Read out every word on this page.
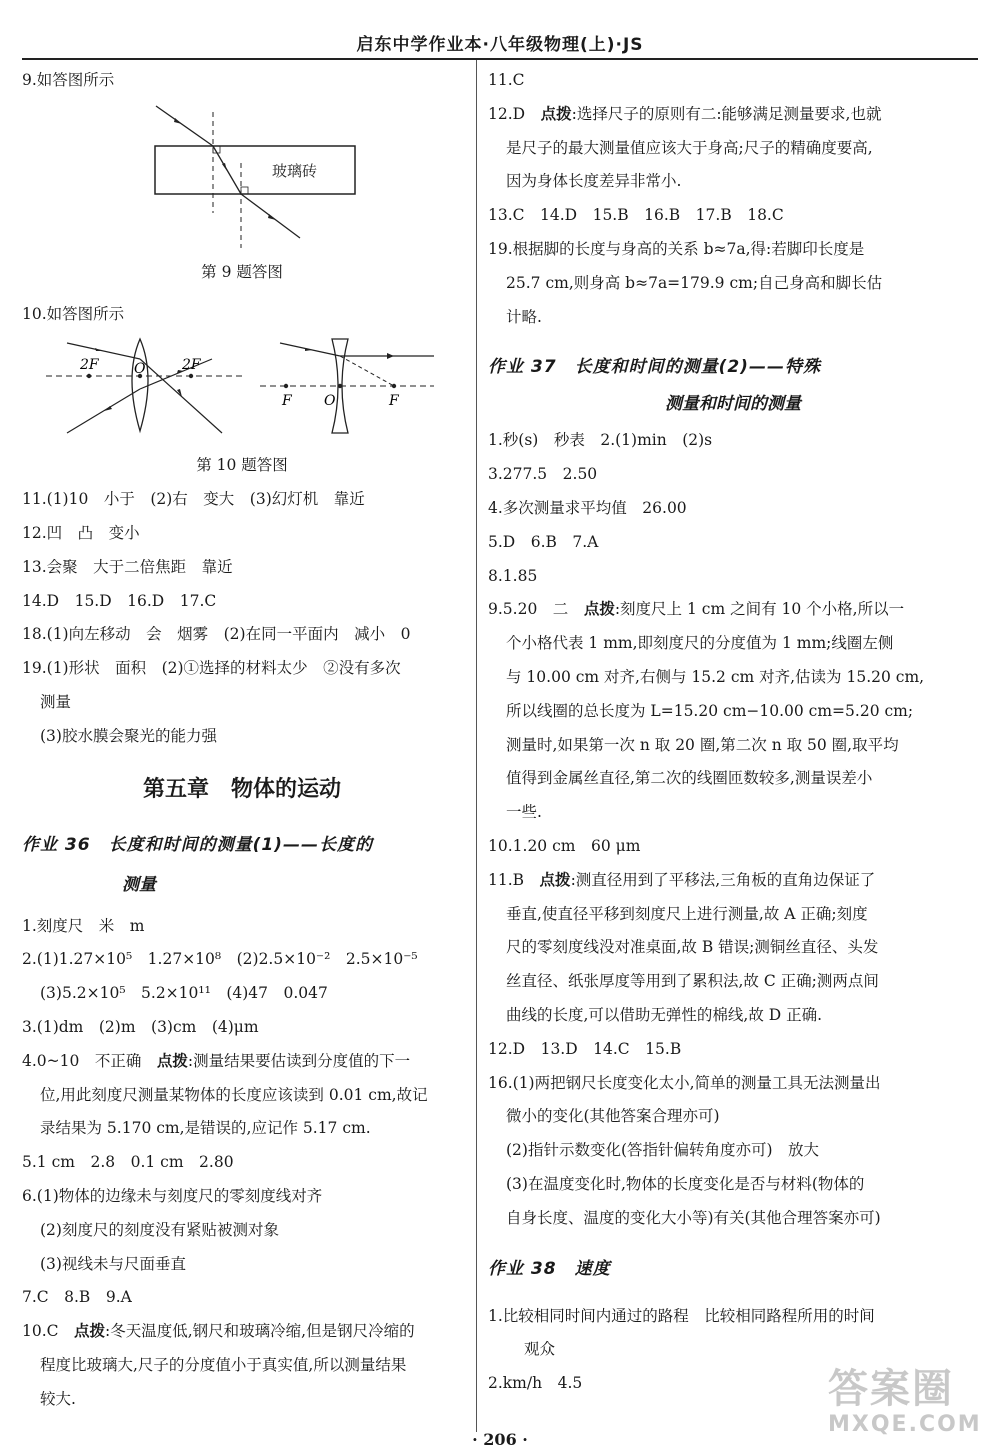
启东中学作业本·八年级物理(上)·JS
9.如答图所示
玻璃砖
第 9 题答图
10.如答图所示
2F	O	2F
F O	F
第 10 题答图
11.(1)10　小于　(2)右　变大　(3)幻灯机　靠近
12.凹　凸　变小
13.会聚　大于二倍焦距　靠近
14.D　15.D　16.D　17.C
18.(1)向左移动　会　烟雾　(2)在同一平面内　减小　0
19.(1)形状　面积　(2)①选择的材料太少　②没有多次
测量
(3)胶水膜会聚光的能力强
第五章　物体的运动
作业 36　长度和时间的测量(1)——长度的
测量
1.刻度尺　米　m
2.(1)1.27×10⁵　1.27×10⁸　(2)2.5×10⁻²　2.5×10⁻⁵
(3)5.2×10⁵　5.2×10¹¹　(4)47　0.047
3.(1)dm　(2)m　(3)cm　(4)μm
4.0~10　不正确　点拨:测量结果要估读到分度值的下一
位,用此刻度尺测量某物体的长度应该读到 0.01 cm,故记
录结果为 5.170 cm,是错误的,应记作 5.17 cm.
5.1 cm　2.8　0.1 cm　2.80
6.(1)物体的边缘未与刻度尺的零刻度线对齐
(2)刻度尺的刻度没有紧贴被测对象
(3)视线未与尺面垂直
7.C　8.B　9.A
10.C　点拨:冬天温度低,钢尺和玻璃冷缩,但是钢尺冷缩的
程度比玻璃大,尺子的分度值小于真实值,所以测量结果
较大.
11.C
12.D　点拨:选择尺子的原则有二:能够满足测量要求,也就
是尺子的最大测量值应该大于身高;尺子的精确度要高,
因为身体长度差异非常小.
13.C　14.D　15.B　16.B　17.B　18.C
19.根据脚的长度与身高的关系 b≈7a,得:若脚印长度是
25.7 cm,则身高 b≈7a=179.9 cm;自己身高和脚长估
计略.
作业 37　长度和时间的测量(2)——特殊
测量和时间的测量
1.秒(s)　秒表　2.(1)min　(2)s
3.277.5　2.50
4.多次测量求平均值　26.00
5.D　6.B　7.A
8.1.85
9.5.20　二　点拨:刻度尺上 1 cm 之间有 10 个小格,所以一
个小格代表 1 mm,即刻度尺的分度值为 1 mm;线圈左侧
与 10.00 cm 对齐,右侧与 15.2 cm 对齐,估读为 15.20 cm,
所以线圈的总长度为 L=15.20 cm−10.00 cm=5.20 cm;
测量时,如果第一次 n 取 20 圈,第二次 n 取 50 圈,取平均
值得到金属丝直径,第二次的线圈匝数较多,测量误差小
一些.
10.1.20 cm　60 μm
11.B　点拨:测直径用到了平移法,三角板的直角边保证了
垂直,使直径平移到刻度尺上进行测量,故 A 正确;刻度
尺的零刻度线没对准桌面,故 B 错误;测铜丝直径、头发
丝直径、纸张厚度等用到了累积法,故 C 正确;测两点间
曲线的长度,可以借助无弹性的棉线,故 D 正确.
12.D　13.D　14.C　15.B
16.(1)两把钢尺长度变化太小,简单的测量工具无法测量出
微小的变化(其他答案合理亦可)
(2)指针示数变化(答指针偏转角度亦可)　放大
(3)在温度变化时,物体的长度变化是否与材料(物体的
自身长度、温度的变化大小等)有关(其他合理答案亦可)
作业 38　速度
1.比较相同时间内通过的路程　比较相同路程所用的时间
观众
2.km/h　4.5
· 206 ·
答案圈
MXQE.COM
